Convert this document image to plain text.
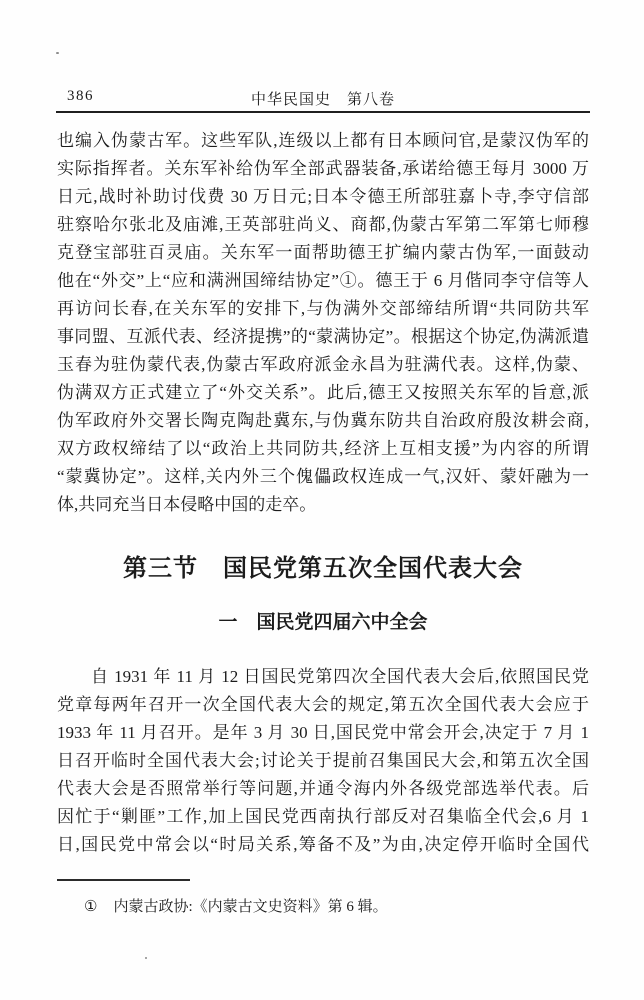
386	中华民国史　第八卷
也编入伪蒙古军。这些军队,连级以上都有日本顾问官,是蒙汉伪军的
实际指挥者。关东军补给伪军全部武器装备,承诺给德王每月 3000 万
日元,战时补助讨伐费 30 万日元;日本令德王所部驻嘉卜寺,李守信部
驻察哈尔张北及庙滩,王英部驻尚义、商都,伪蒙古军第二军第七师穆
克登宝部驻百灵庙。关东军一面帮助德王扩编内蒙古伪军,一面鼓动
他在“外交”上“应和满洲国缔结协定”①。德王于 6 月偕同李守信等人
再访问长春,在关东军的安排下,与伪满外交部缔结所谓“共同防共军
事同盟、互派代表、经济提携”的“蒙满协定”。根据这个协定,伪满派遣
玉春为驻伪蒙代表,伪蒙古军政府派金永昌为驻满代表。这样,伪蒙、
伪满双方正式建立了“外交关系”。此后,德王又按照关东军的旨意,派
伪军政府外交署长陶克陶赴冀东,与伪冀东防共自治政府殷汝耕会商,
双方政权缔结了以“政治上共同防共,经济上互相支援”为内容的所谓
“蒙冀协定”。这样,关内外三个傀儡政权连成一气,汉奸、蒙奸融为一
体,共同充当日本侵略中国的走卒。
第三节　国民党第五次全国代表大会
一　国民党四届六中全会
自 1931 年 11 月 12 日国民党第四次全国代表大会后,依照国民党
党章每两年召开一次全国代表大会的规定,第五次全国代表大会应于
1933 年 11 月召开。是年 3 月 30 日,国民党中常会开会,决定于 7 月 1
日召开临时全国代表大会;讨论关于提前召集国民大会,和第五次全国
代表大会是否照常举行等问题,并通令海内外各级党部选举代表。后
因忙于“剿匪”工作,加上国民党西南执行部反对召集临全代会,6 月 1
日,国民党中常会以“时局关系,筹备不及”为由,决定停开临时全国代
① 内蒙古政协:《内蒙古文史资料》第 6 辑。
